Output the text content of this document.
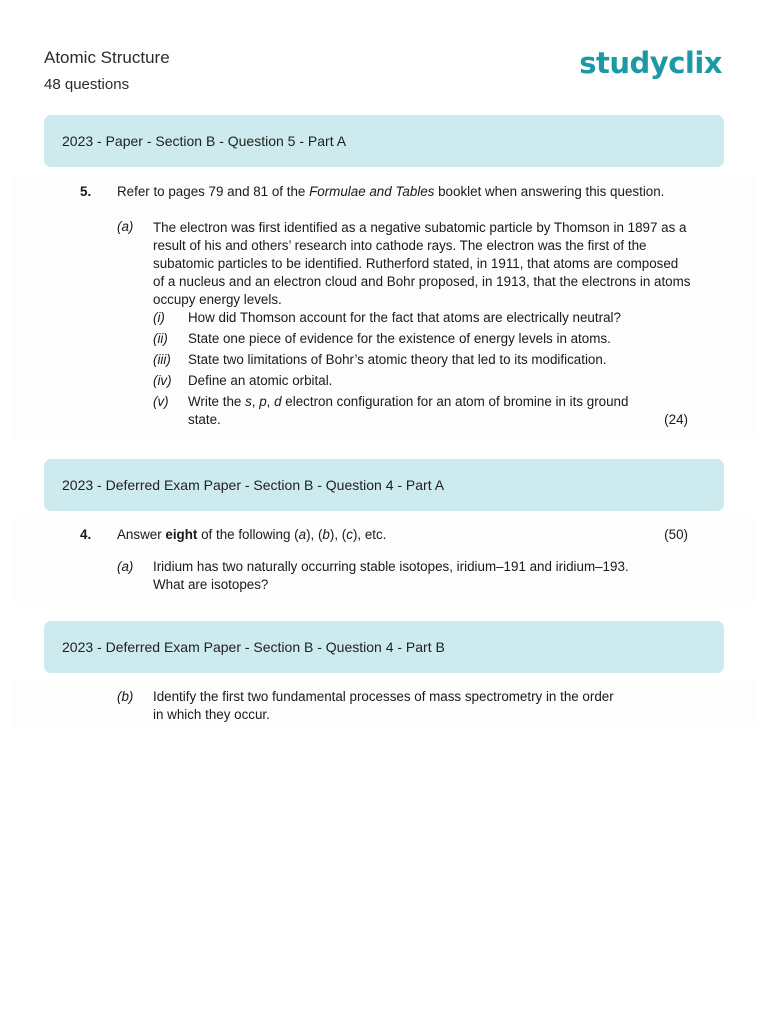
Atomic Structure
48 questions
studyclix
2023 - Paper - Section B - Question 5 - Part A
5. Refer to pages 79 and 81 of the Formulae and Tables booklet when answering this question.
(a) The electron was first identified as a negative subatomic particle by Thomson in 1897 as a result of his and others’ research into cathode rays. The electron was the first of the subatomic particles to be identified. Rutherford stated, in 1911, that atoms are composed of a nucleus and an electron cloud and Bohr proposed, in 1913, that the electrons in atoms occupy energy levels.
(i) How did Thomson account for the fact that atoms are electrically neutral?
(ii) State one piece of evidence for the existence of energy levels in atoms.
(iii) State two limitations of Bohr’s atomic theory that led to its modification.
(iv) Define an atomic orbital.
(v) Write the s, p, d electron configuration for an atom of bromine in its ground
state.	(24)
2023 - Deferred Exam Paper - Section B - Question 4 - Part A
4. Answer eight of the following (a), (b), (c), etc.	(50)
(a) Iridium has two naturally occurring stable isotopes, iridium–191 and iridium–193.
What are isotopes?
2023 - Deferred Exam Paper - Section B - Question 4 - Part B
(b) Identify the first two fundamental processes of mass spectrometry in the order
in which they occur.
